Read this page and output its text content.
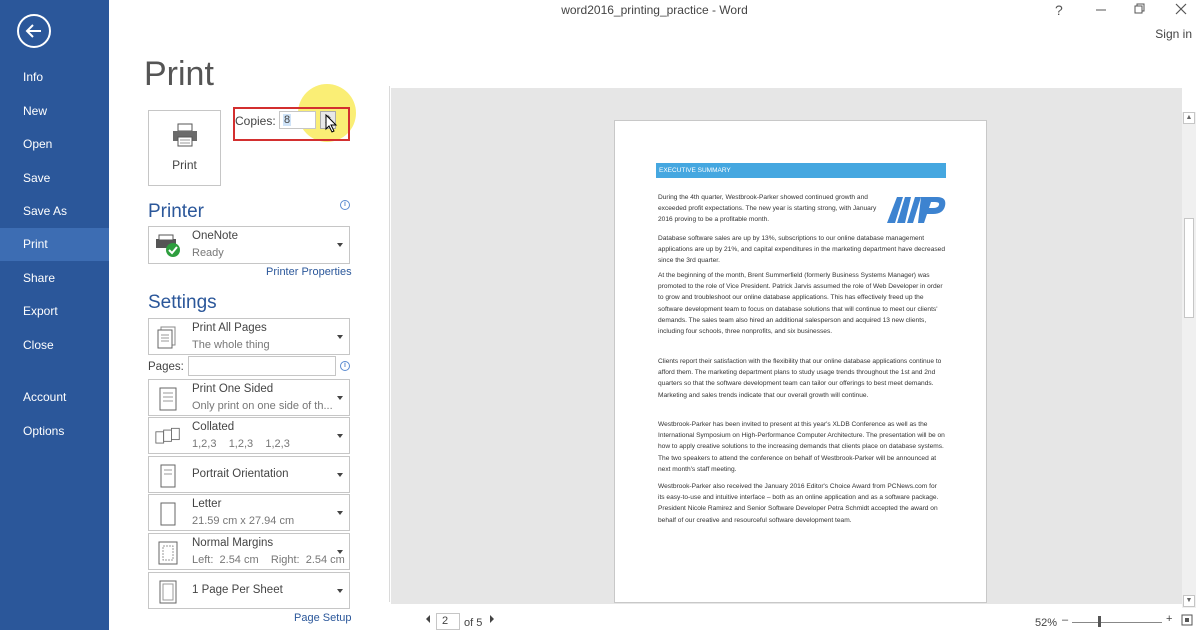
Info
New
Open
Save
Save As
Print
Share
Export
Close
Account
Options
word2016_printing_practice - Word	?
Sign in
Print
Print
Copies: 8
Printer	i
OneNote
Ready
Printer Properties
Settings
Print All Pages
The whole thing
Pages:	i
Print One Sided
Only print on one side of th...
Collated
1,2,3    1,2,3    1,2,3
Portrait Orientation
Letter
21.59 cm x 27.94 cm
Normal Margins
Left:  2.54 cm    Right:  2.54 cm
1 Page Per Sheet
Page Setup
EXECUTIVE SUMMARY
During the 4th quarter, Westbrook-Parker showed continued growth and exceeded profit expectations. The new year is starting strong, with January 2016 proving to be a profitable month.
Database software sales are up by 13%, subscriptions to our online database management applications are up by 21%, and capital expenditures in the marketing department have decreased since the 3rd quarter.
At the beginning of the month, Brent Summerfield (formerly Business Systems Manager) was promoted to the role of Vice President. Patrick Jarvis assumed the role of Web Developer in order to grow and troubleshoot our online database applications. This has effectively freed up the software development team to focus on database solutions that will continue to meet our clients' demands. The sales team also hired an additional salesperson and acquired 13 new clients, including four schools, three nonprofits, and six businesses.
Clients report their satisfaction with the flexibility that our online database applications continue to afford them. The marketing department plans to study usage trends throughout the 1st and 2nd quarters so that the software development team can tailor our offerings to best meet demands. Marketing and sales trends indicate that our overall growth will continue.
Westbrook-Parker has been invited to present at this year's XLDB Conference as well as the International Symposium on High-Performance Computer Architecture. The presentation will be on how to apply creative solutions to the increasing demands that clients place on database systems. The two speakers to attend the conference on behalf of Westbrook-Parker will be announced at next month's staff meeting.
Westbrook-Parker also received the January 2016 Editor's Choice Award from PCNews.com for its easy-to-use and intuitive interface – both as an online application and as a software package. President Nicole Ramirez and Senior Software Developer Petra Schmidt accepted the award on behalf of our creative and resourceful software development team.
▲
▼
2	of 5	52% –	+
